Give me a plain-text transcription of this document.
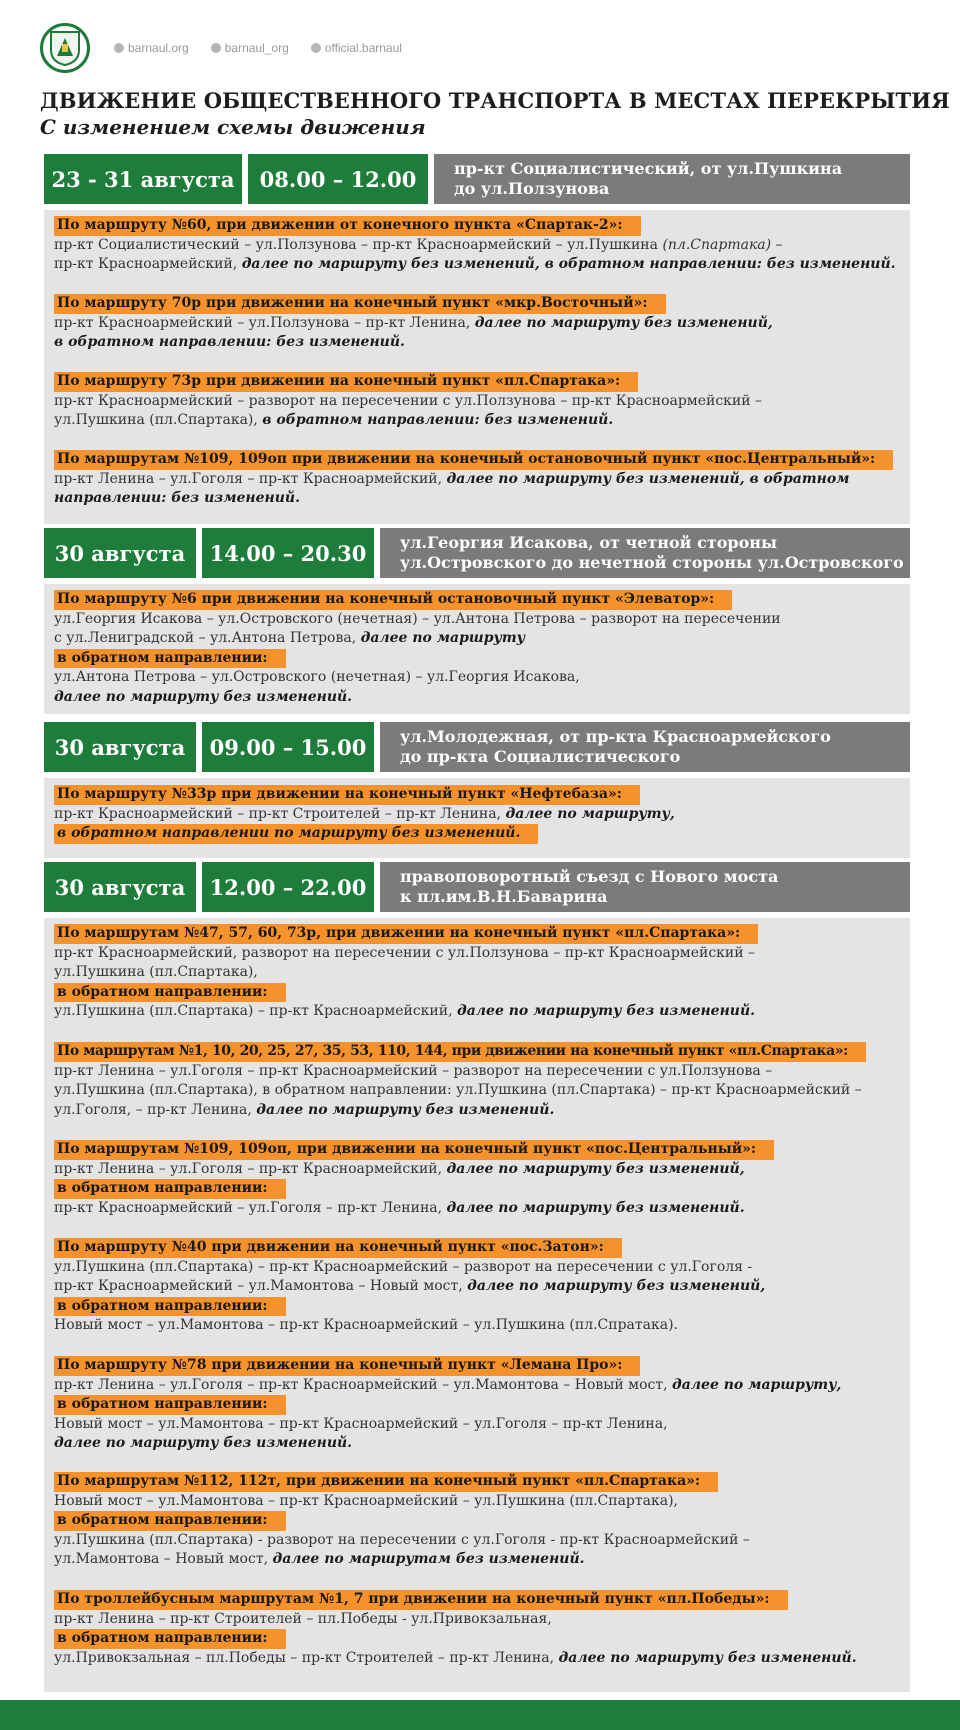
barnaul.org	barnaul_org	official.barnaul
ДВИЖЕНИЕ ОБЩЕСТВЕННОГО ТРАНСПОРТА В МЕСТАХ ПЕРЕКРЫТИЯ
С изменением схемы движения
23 - 31 августа	08.00 – 12.00	пр-кт Социалистический, от ул.Пушкина
до ул.Ползунова
По маршруту №60, при движении от конечного пункта «Спартак-2»:
пр-кт Социалистический – ул.Ползунова – пр-кт Красноармейский – ул.Пушкина (пл.Спартака) –
пр-кт Красноармейский, далее по маршруту без изменений, в обратном направлении: без изменений.
По маршруту 70р при движении на конечный пункт «мкр.Восточный»:
пр-кт Красноармейский – ул.Ползунова – пр-кт Ленина, далее по маршруту без изменений,
в обратном направлении: без изменений.
По маршруту 73р при движении на конечный пункт «пл.Спартака»:
пр-кт Красноармейский – разворот на пересечении с ул.Ползунова – пр-кт Красноармейский –
ул.Пушкина (пл.Спартака), в обратном направлении: без изменений.
По маршрутам №109, 109оп при движении на конечный остановочный пункт «пос.Центральный»:
пр-кт Ленина – ул.Гоголя – пр-кт Красноармейский, далее по маршруту без изменений, в обратном
направлении: без изменений.
30 августа	14.00 – 20.30	ул.Георгия Исакова, от четной стороны
ул.Островского до нечетной стороны ул.Островского
По маршруту №6 при движении на конечный остановочный пункт «Элеватор»:
ул.Георгия Исакова – ул.Островского (нечетная) – ул.Антона Петрова – разворот на пересечении
с ул.Лениградской – ул.Антона Петрова, далее по маршруту
в обратном направлении:
ул.Антона Петрова – ул.Островского (нечетная) – ул.Георгия Исакова,
далее по маршруту без изменений.
30 августа	09.00 – 15.00	ул.Молодежная, от пр-кта Красноармейского
до пр-кта Социалистического
По маршруту №33р при движении на конечный пункт «Нефтебаза»:
пр-кт Красноармейский – пр-кт Строителей – пр-кт Ленина, далее по маршруту,
в обратном направлении по маршруту без изменений.
30 августа	12.00 – 22.00	правоповоротный съезд с Нового моста
к пл.им.В.Н.Баварина
По маршрутам №47, 57, 60, 73р, при движении на конечный пункт «пл.Спартака»:
пр-кт Красноармейский, разворот на пересечении с ул.Ползунова – пр-кт Красноармейский –
ул.Пушкина (пл.Спартака),
в обратном направлении:
ул.Пушкина (пл.Спартака) – пр-кт Красноармейский, далее по маршруту без изменений.
По маршрутам №1, 10, 20, 25, 27, 35, 53, 110, 144, при движении на конечный пункт «пл.Спартака»:
пр-кт Ленина – ул.Гоголя – пр-кт Красноармейский – разворот на пересечении с ул.Ползунова –
ул.Пушкина (пл.Спартака), в обратном направлении: ул.Пушкина (пл.Спартака) – пр-кт Красноармейский –
ул.Гоголя, – пр-кт Ленина, далее по маршруту без изменений.
По маршрутам №109, 109оп, при движении на конечный пункт «пос.Центральный»:
пр-кт Ленина – ул.Гоголя – пр-кт Красноармейский, далее по маршруту без изменений,
в обратном направлении:
пр-кт Красноармейский – ул.Гоголя – пр-кт Ленина, далее по маршруту без изменений.
По маршруту №40 при движении на конечный пункт «пос.Затон»:
ул.Пушкина (пл.Спартака) – пр-кт Красноармейский – разворот на пересечении с ул.Гоголя -
пр-кт Красноармейский – ул.Мамонтова – Новый мост, далее по маршруту без изменений,
в обратном направлении:
Новый мост – ул.Мамонтова – пр-кт Красноармейский – ул.Пушкина (пл.Спратака).
По маршруту №78 при движении на конечный пункт «Лемана Про»:
пр-кт Ленина – ул.Гоголя – пр-кт Красноармейский – ул.Мамонтова – Новый мост, далее по маршруту,
в обратном направлении:
Новый мост – ул.Мамонтова – пр-кт Красноармейский – ул.Гоголя – пр-кт Ленина,
далее по маршруту без изменений.
По маршрутам №112, 112т, при движении на конечный пункт «пл.Спартака»:
Новый мост – ул.Мамонтова – пр-кт Красноармейский – ул.Пушкина (пл.Спартака),
в обратном направлении:
ул.Пушкина (пл.Спартака) - разворот на пересечении с ул.Гоголя - пр-кт Красноармейский –
ул.Мамонтова – Новый мост, далее по маршрутам без изменений.
По троллейбусным маршрутам №1, 7 при движении на конечный пункт «пл.Победы»:
пр-кт Ленина – пр-кт Строителей – пл.Победы - ул.Привокзальная,
в обратном направлении:
ул.Привокзальная – пл.Победы – пр-кт Строителей – пр-кт Ленина, далее по маршруту без изменений.
